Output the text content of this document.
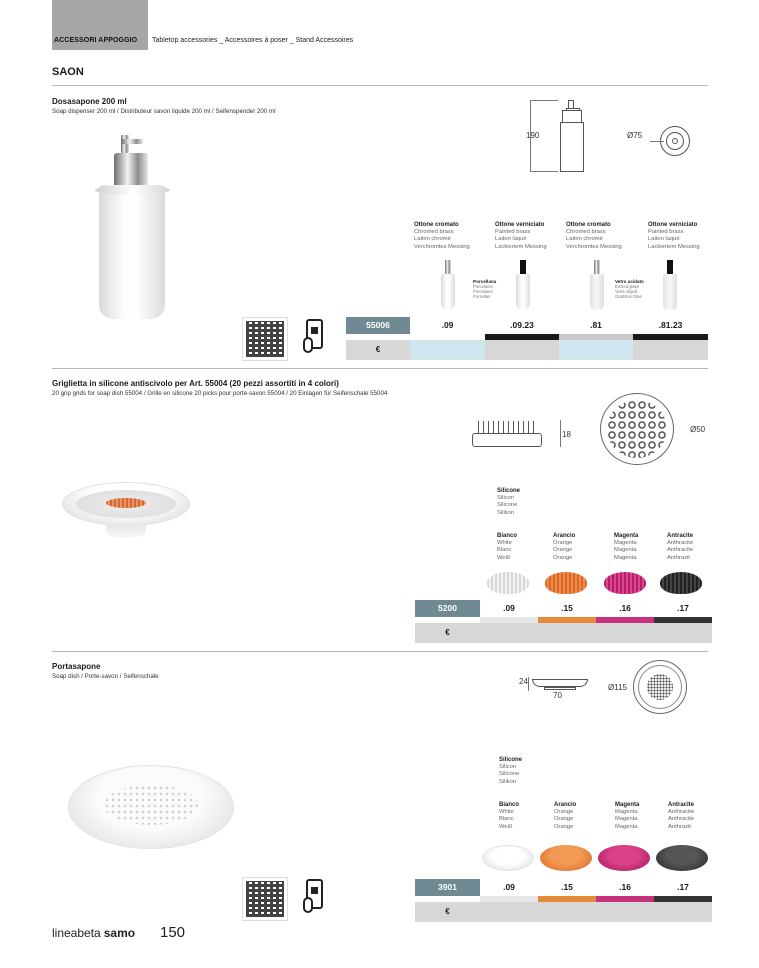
ACCESSORI APPOGGIO Tabletop accessories _ Accessoires à poser _ Stand Accessoires
SAON
Dosasapone 200 ml
Soap dispenser 200 ml / Distributeur savon liquide 200 ml / Seifenspender 200 ml
190	Ø75
Ottone cromato
Chromed brass
Laiton chromé
Verchromtes Messing
Ottone verniciato
Painted brass
Laiton laqué
Lackiertem Messing
Ottone cromato
Chromed brass
Laiton chromé
Verchromtes Messing
Ottone verniciato
Painted brass
Laiton laqué
Lackiertem Messing
Porcellana
Porcelaine
Porcelaine
Porzellan
Vetro acidato
Etched glass
Verre dépoli
Geätztes Glas
55006
€
.09	.09.23	.81	.81.23
Griglietta in silicone antiscivolo per Art. 55004 (20 pezzi assortiti in 4 colori)
20 grip grids for soap dish 55004 / Grille en silicone 20 picks pour porte-savon 55004 / 20 Einlagen für Seifenschale 55004
18
Ø50
Silicone
Silicon
Silicone
Silikon
Bianco
White
Blanc
Weiß
Arancio
Orange
Orange
Orange
Magenta
Magenta
Magenta
Magenta
Antracite
Anthracite
Anthracite
Anthrazit
5200
€
.09	.15	.16	.17
Portasapone
Soap dish / Porte-savon / Seifenschale
24
70
Ø115
Silicone
Silicon
Silicone
Silikon
Bianco
White
Blanc
Weiß
Arancio
Orange
Orange
Orange
Magenta
Magenta
Magenta
Magenta
Antracite
Anthracite
Anthracite
Anthrazit
3901
€
.09	.15	.16	.17
lineabeta samo 150
